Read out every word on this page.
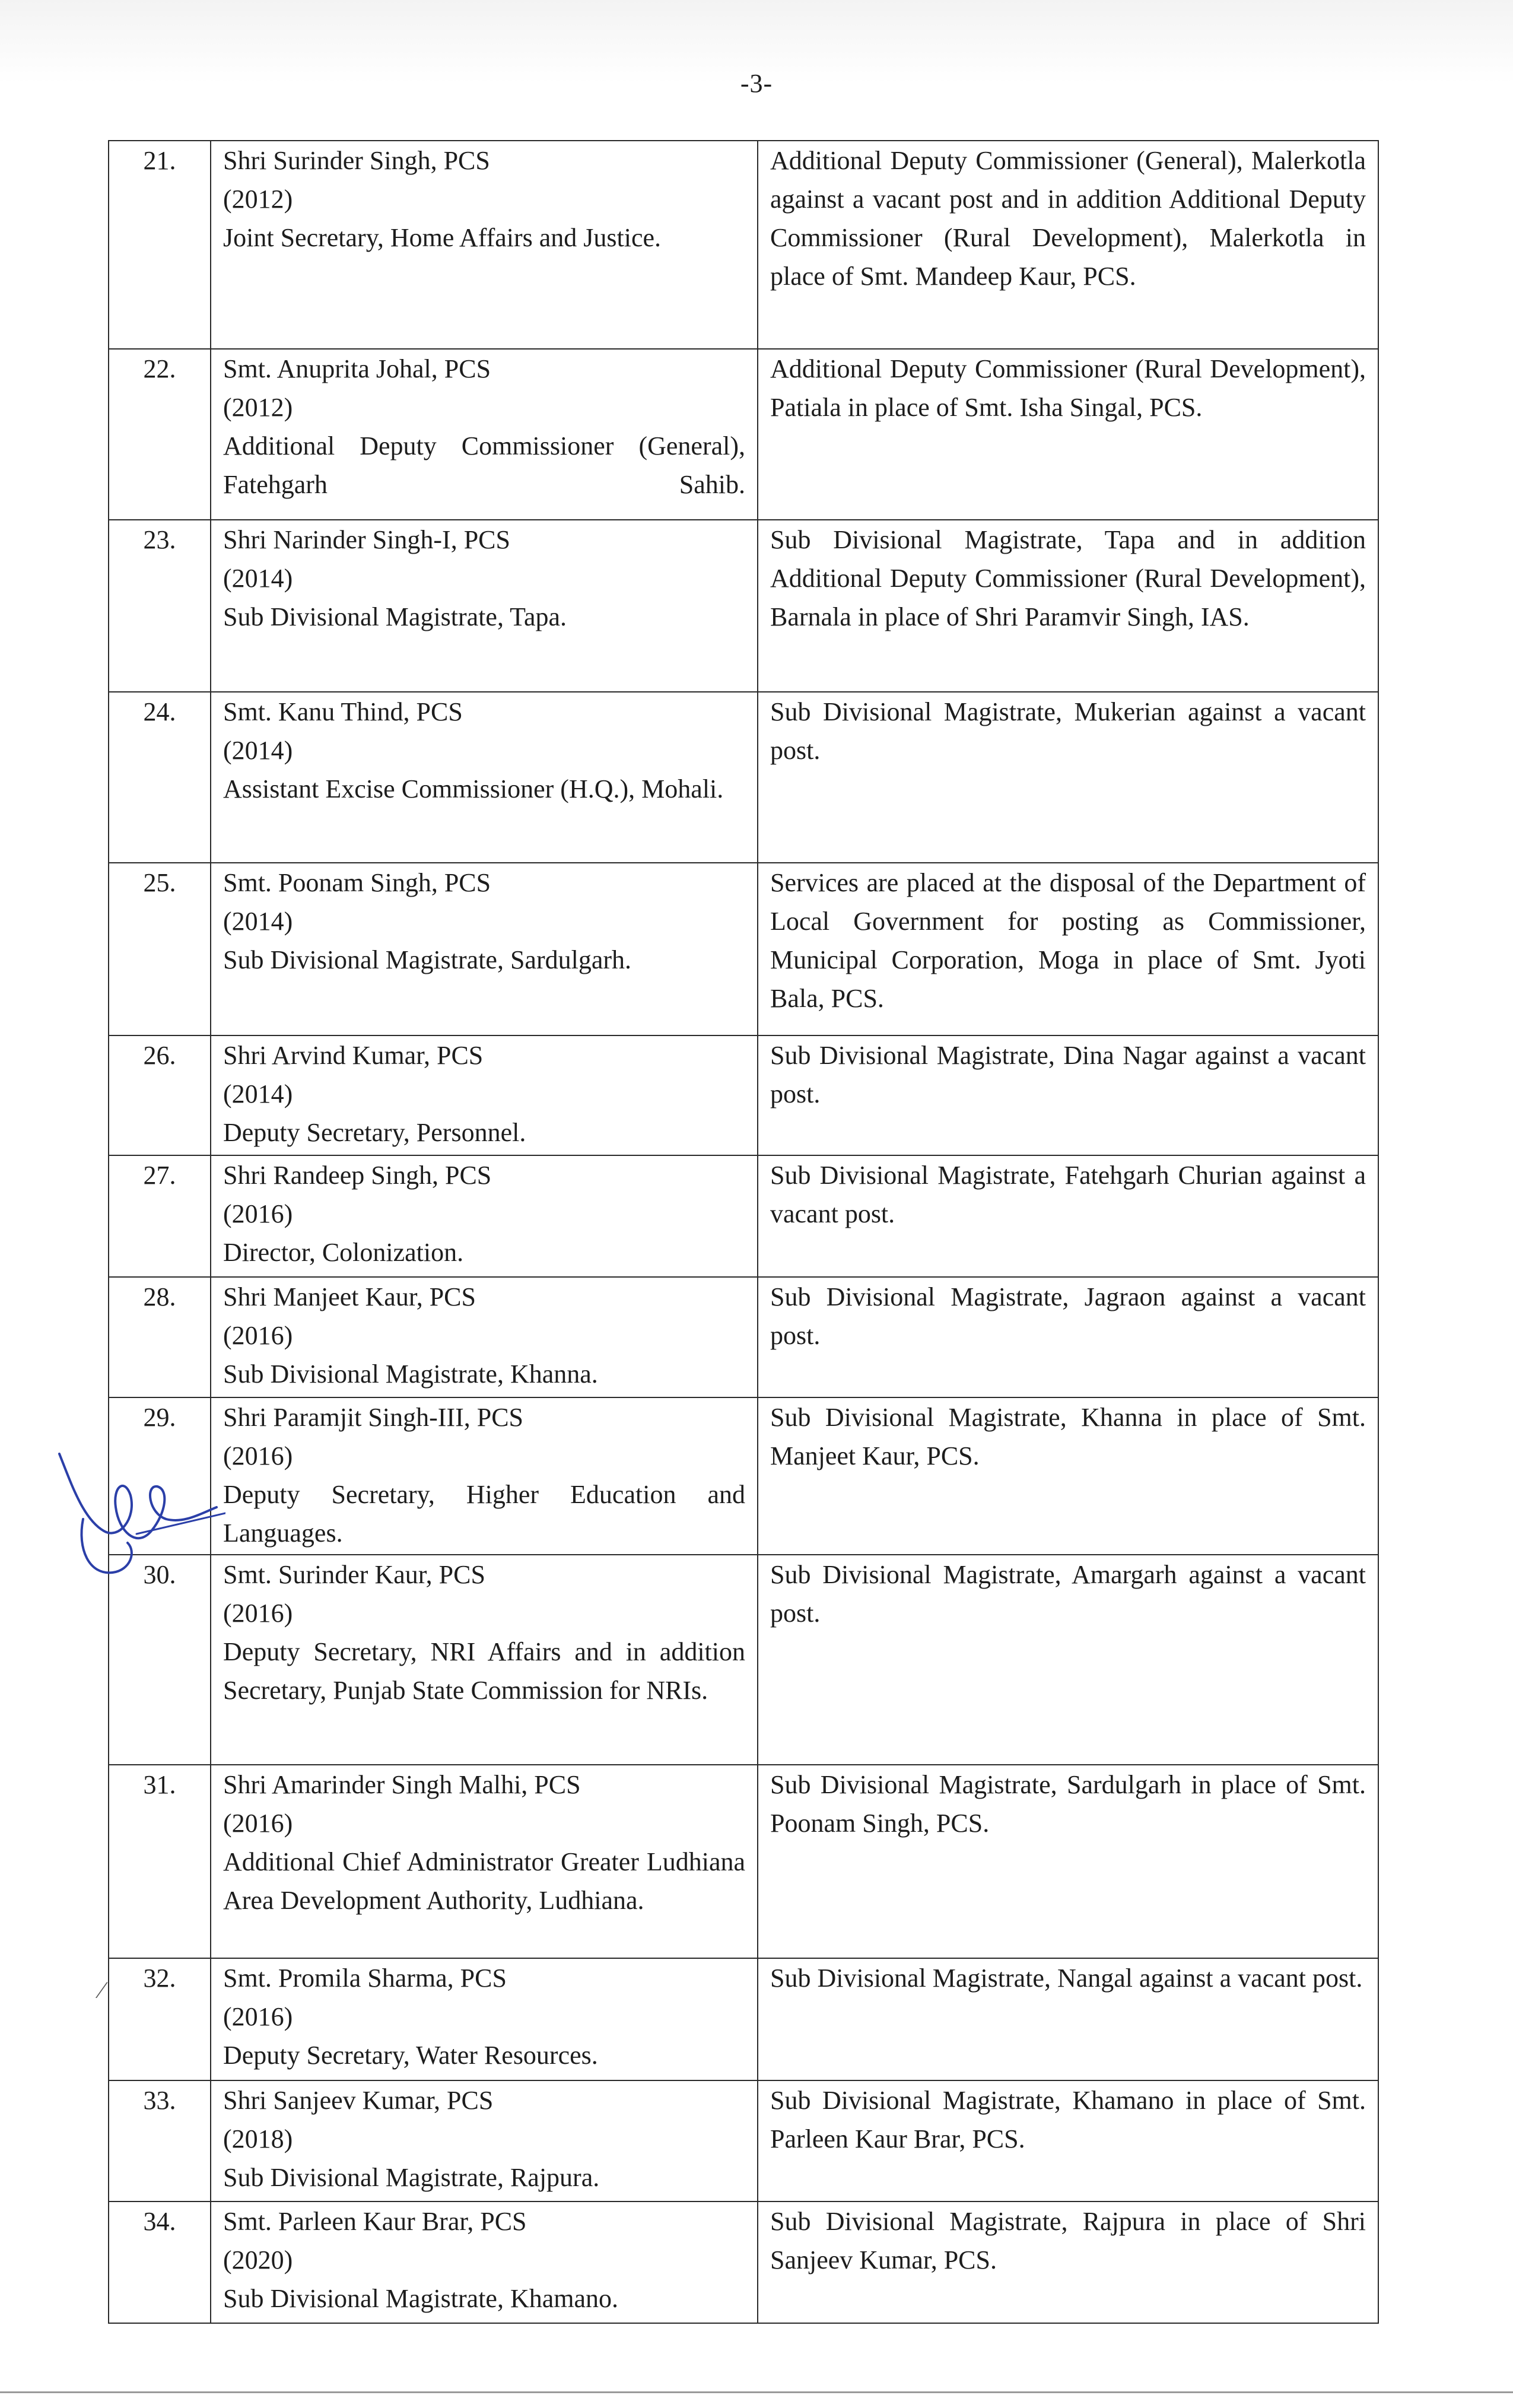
-3-
21.	Shri Surinder Singh, PCS
(2012)
Joint Secretary, Home Affairs and Justice.	Additional Deputy Commissioner (General), Malerkotla against a vacant post and in addition Additional Deputy Commissioner (Rural Development), Malerkotla in place of Smt. Mandeep Kaur, PCS.
22.	Smt. Anuprita Johal, PCS
(2012)
Additional Deputy Commissioner (General), Fatehgarh Sahib.	Additional Deputy Commissioner (Rural Development), Patiala in place of Smt. Isha Singal, PCS.
23.	Shri Narinder Singh-I, PCS
(2014)
Sub Divisional Magistrate, Tapa.	Sub Divisional Magistrate, Tapa and in addition Additional Deputy Commissioner (Rural Development), Barnala in place of Shri Paramvir Singh, IAS.
24.	Smt. Kanu Thind, PCS
(2014)
Assistant Excise Commissioner (H.Q.), Mohali.	Sub Divisional Magistrate, Mukerian against a vacant post.
25.	Smt. Poonam Singh, PCS
(2014)
Sub Divisional Magistrate, Sardulgarh.	Services are placed at the disposal of the Department of Local Government for posting as Commissioner, Municipal Corporation, Moga in place of Smt. Jyoti Bala, PCS.
26.	Shri Arvind Kumar, PCS
(2014)
Deputy Secretary, Personnel.	Sub Divisional Magistrate, Dina Nagar against a vacant post.
27.	Shri Randeep Singh, PCS
(2016)
Director, Colonization.	Sub Divisional Magistrate, Fatehgarh Churian against a vacant post.
28.	Shri Manjeet Kaur, PCS
(2016)
Sub Divisional Magistrate, Khanna.	Sub Divisional Magistrate, Jagraon against a vacant post.
29.	Shri Paramjit Singh-III, PCS
(2016)
Deputy Secretary, Higher Education and Languages.	Sub Divisional Magistrate, Khanna in place of Smt. Manjeet Kaur, PCS.
30.	Smt. Surinder Kaur, PCS
(2016)
Deputy Secretary, NRI Affairs and in addition Secretary, Punjab State Commission for NRIs.	Sub Divisional Magistrate, Amargarh against a vacant post.
31.	Shri Amarinder Singh Malhi, PCS
(2016)
Additional Chief Administrator Greater Ludhiana Area Development Authority, Ludhiana.	Sub Divisional Magistrate, Sardulgarh in place of Smt. Poonam Singh, PCS.
32.	Smt. Promila Sharma, PCS
(2016)
Deputy Secretary, Water Resources.	Sub Divisional Magistrate, Nangal against a vacant post.
33.	Shri Sanjeev Kumar, PCS
(2018)
Sub Divisional Magistrate, Rajpura.	Sub Divisional Magistrate, Khamano in place of Smt. Parleen Kaur Brar, PCS.
34.	Smt. Parleen Kaur Brar, PCS
(2020)
Sub Divisional Magistrate, Khamano.	Sub Divisional Magistrate, Rajpura in place of Shri Sanjeev Kumar, PCS.
⁄
